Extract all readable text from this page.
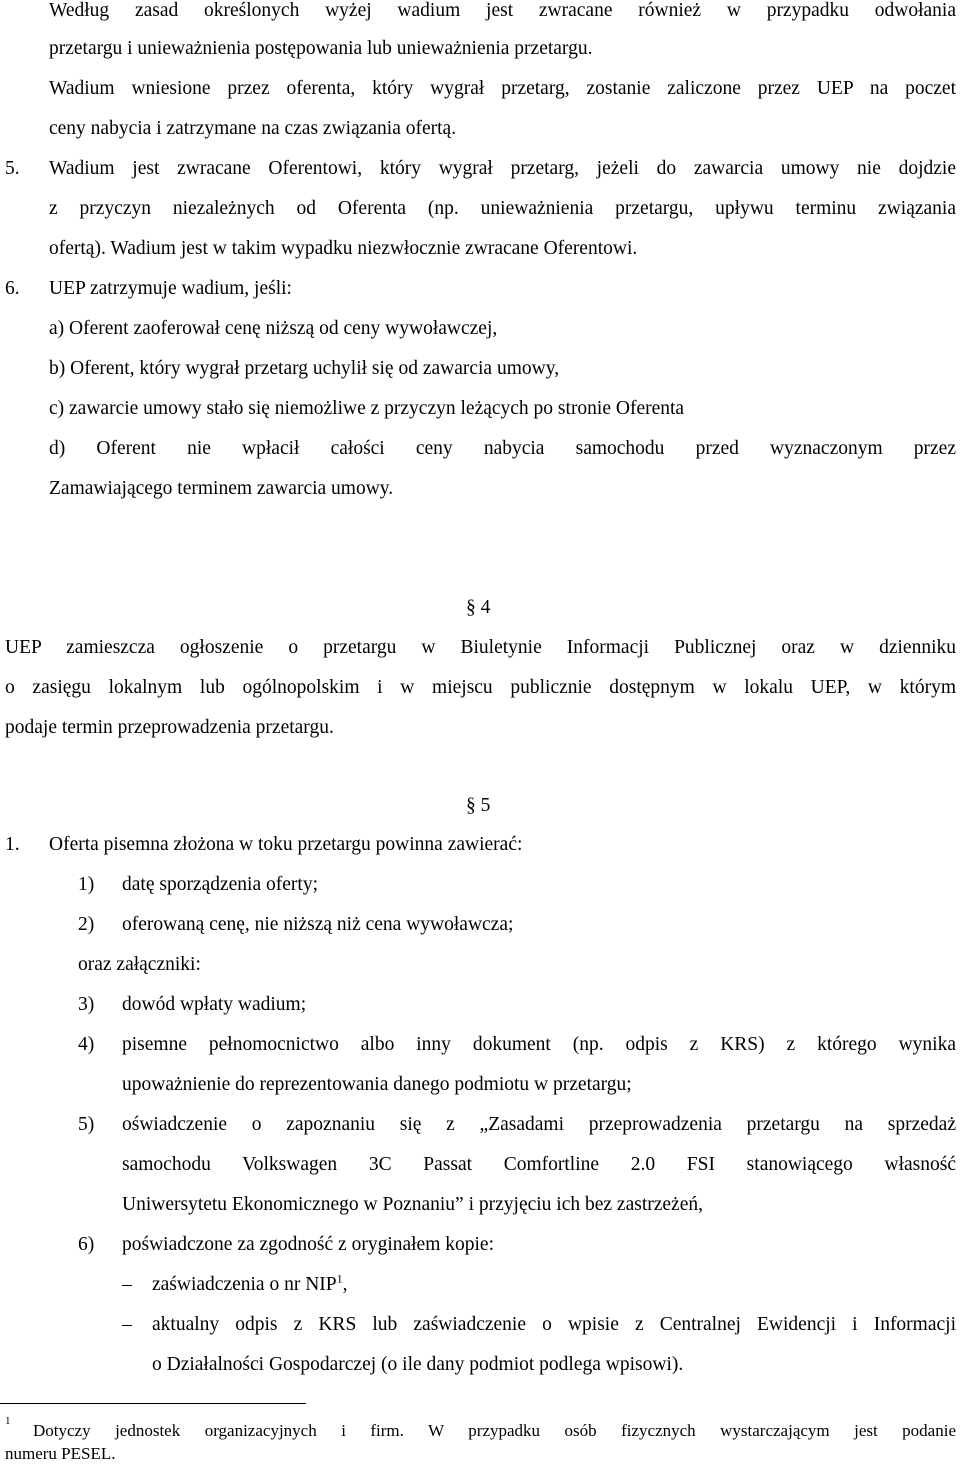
Według zasad określonych wyżej wadium jest zwracane również w przypadku odwołania
przetargu i unieważnienia postępowania lub unieważnienia przetargu.
Wadium wniesione przez oferenta, który wygrał przetarg, zostanie zaliczone przez UEP na poczet
ceny nabycia i zatrzymane na czas związania ofertą.
5. Wadium jest zwracane Oferentowi, który wygrał przetarg, jeżeli do zawarcia umowy nie dojdzie
z przyczyn niezależnych od Oferenta (np. unieważnienia przetargu, upływu terminu związania
ofertą). Wadium jest w takim wypadku niezwłocznie zwracane Oferentowi.
6. UEP zatrzymuje wadium, jeśli:
a) Oferent zaoferował cenę niższą od ceny wywoławczej,
b) Oferent, który wygrał przetarg uchylił się od zawarcia umowy,
c) zawarcie umowy stało się niemożliwe z przyczyn leżących po stronie Oferenta
d) Oferent nie wpłacił całości ceny nabycia samochodu przed wyznaczonym przez
Zamawiającego terminem zawarcia umowy.
§ 4
UEP zamieszcza ogłoszenie o przetargu w Biuletynie Informacji Publicznej oraz w dzienniku
o zasięgu lokalnym lub ogólnopolskim i w miejscu publicznie dostępnym w lokalu UEP, w którym
podaje termin przeprowadzenia przetargu.
§ 5
1. Oferta pisemna złożona w toku przetargu powinna zawierać:
1) datę sporządzenia oferty;
2) oferowaną cenę, nie niższą niż cena wywoławcza;
oraz załączniki:
3) dowód wpłaty wadium;
4) pisemne pełnomocnictwo albo inny dokument (np. odpis z KRS) z którego wynika
upoważnienie do reprezentowania danego podmiotu w przetargu;
5) oświadczenie o zapoznaniu się z „Zasadami przeprowadzenia przetargu na sprzedaż
samochodu Volkswagen 3C Passat Comfortline 2.0 FSI stanowiącego własność
Uniwersytetu Ekonomicznego w Poznaniu” i przyjęciu ich bez zastrzeżeń,
6) poświadczone za zgodność z oryginałem kopie:
– zaświadczenia o nr NIP$^1$,
– aktualny odpis z KRS lub zaświadczenie o wpisie z Centralnej Ewidencji i Informacji
o Działalności Gospodarczej (o ile dany podmiot podlega wpisowi).
1 Dotyczy jednostek organizacyjnych i firm. W przypadku osób fizycznych wystarczającym jest podanie
numeru PESEL.
